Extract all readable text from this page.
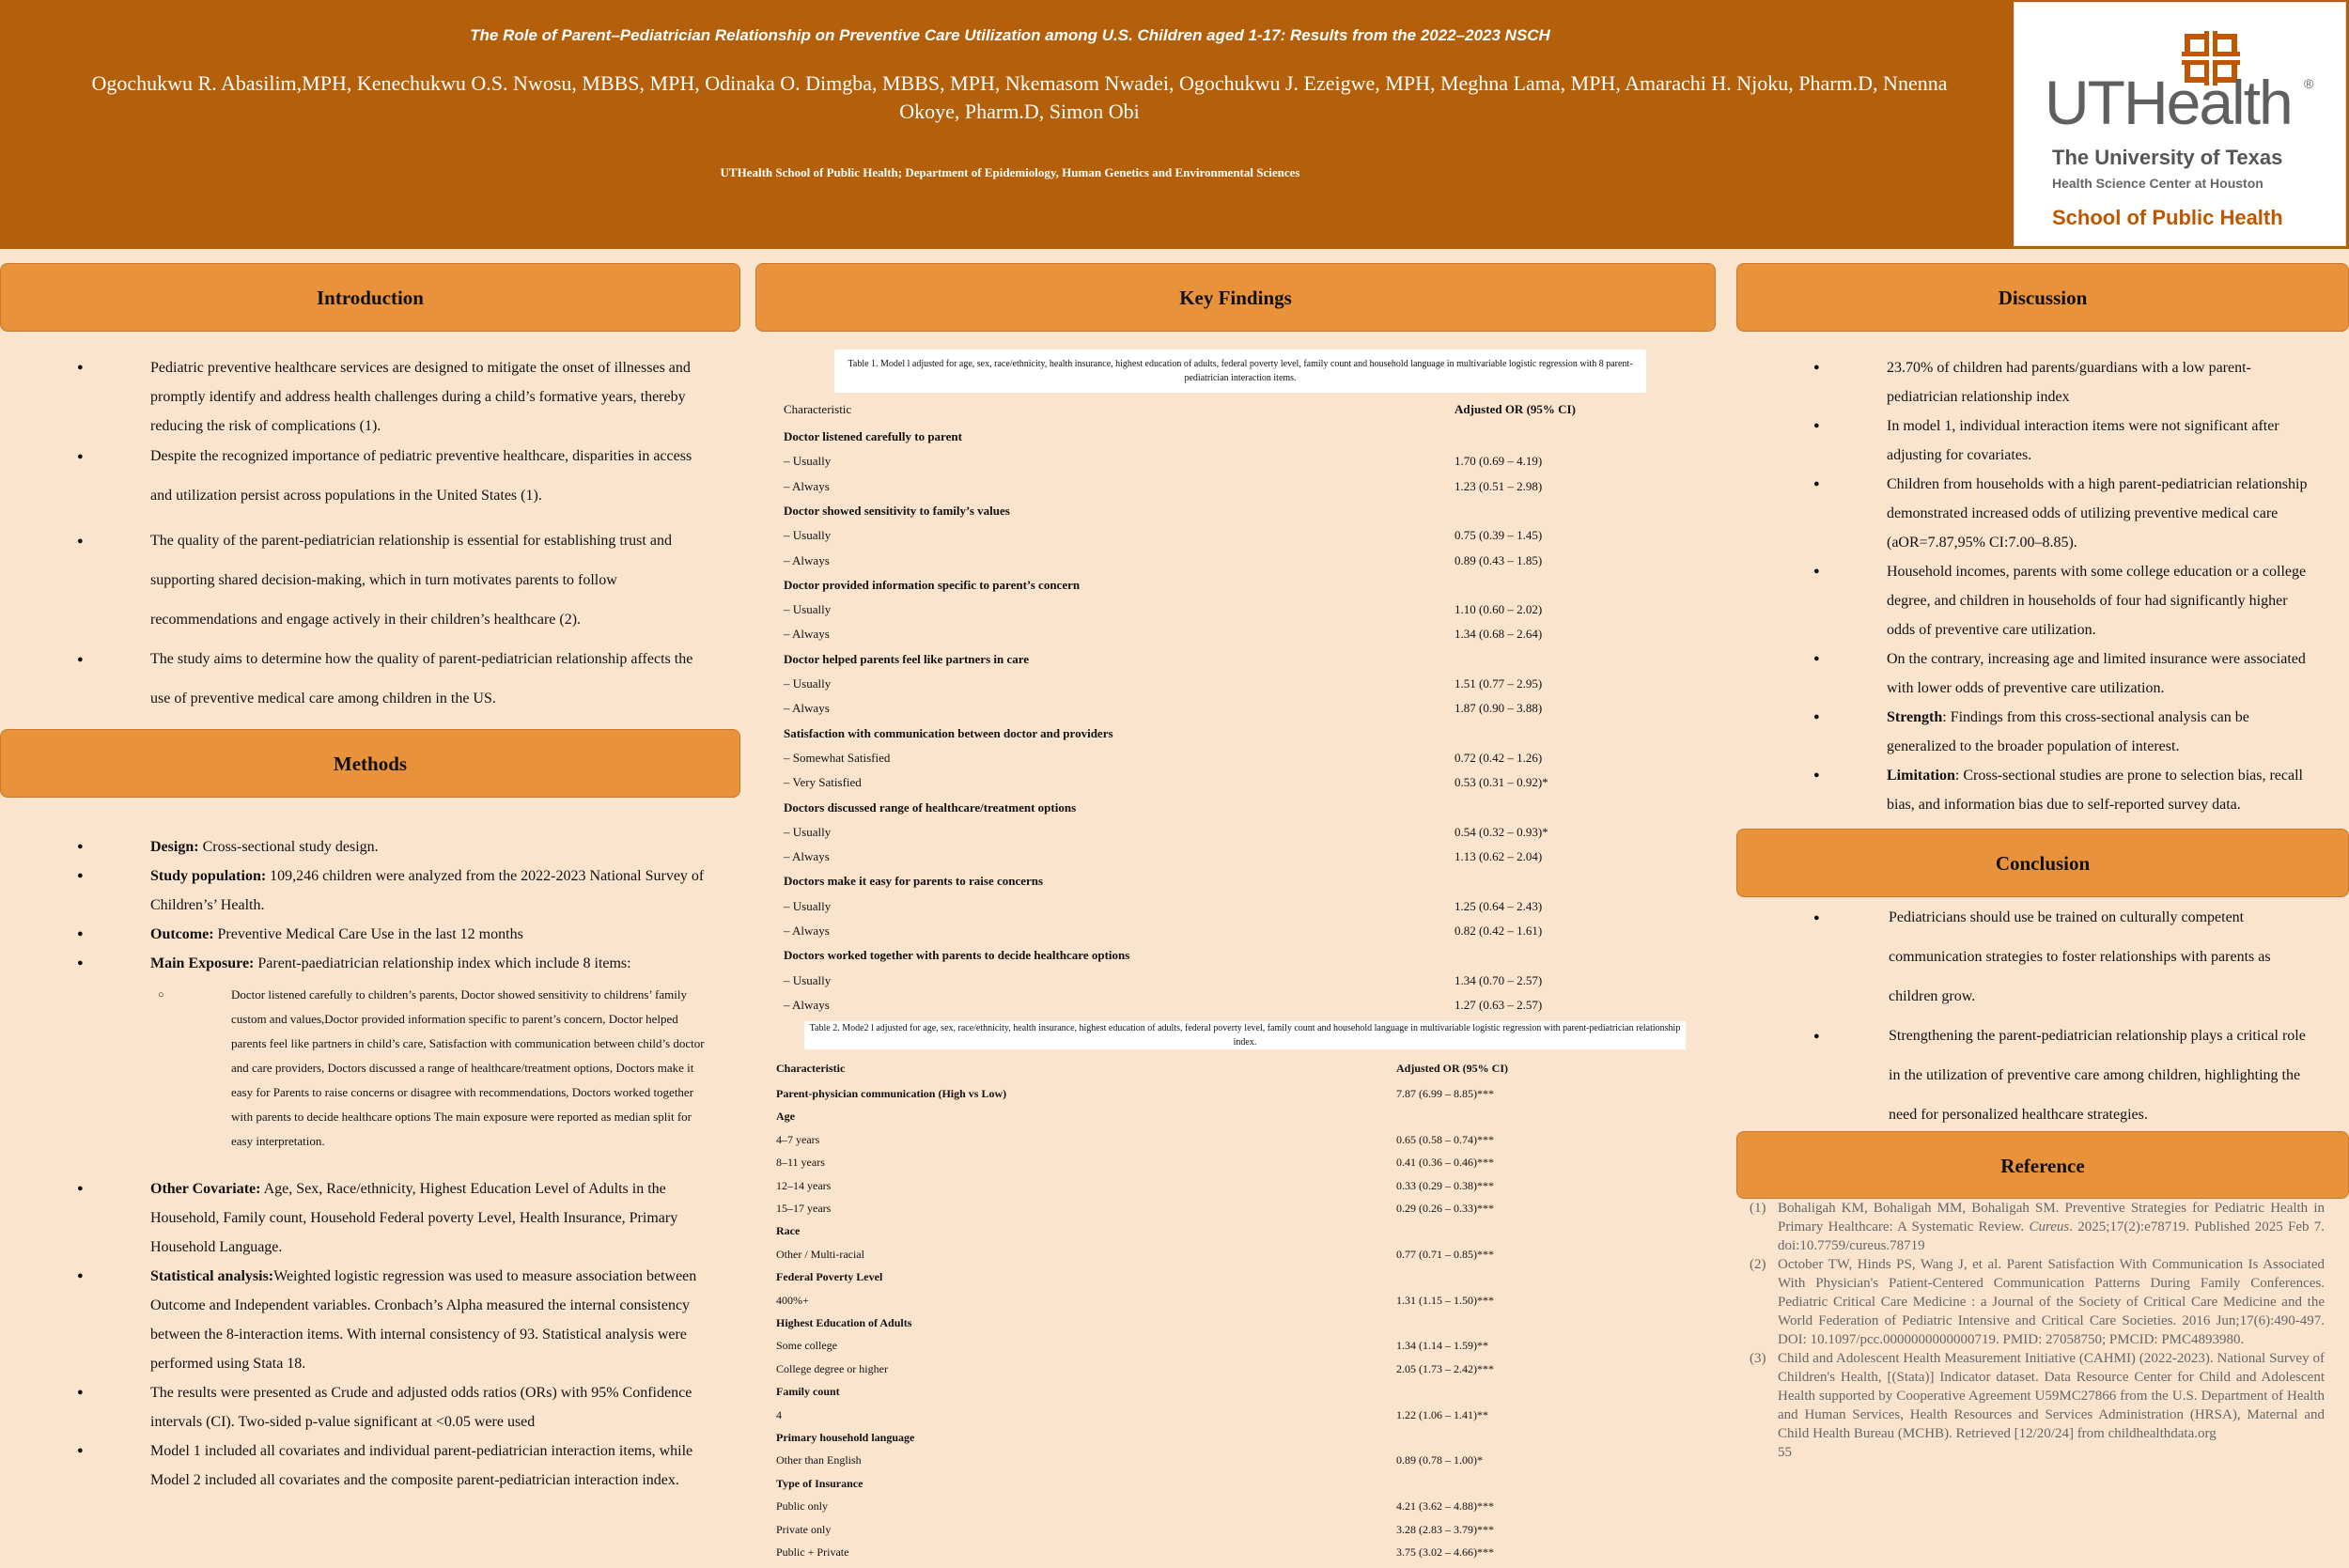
The Role of Parent–Pediatrician Relationship on Preventive Care Utilization among U.S. Children aged 1-17: Results from the 2022–2023 NSCH
Ogochukwu R. Abasilim,MPH, Kenechukwu O.S. Nwosu, MBBS, MPH, Odinaka O. Dimgba, MBBS, MPH, Nkemasom Nwadei, Ogochukwu J. Ezeigwe, MPH, Meghna Lama, MPH, Amarachi H. Njoku, Pharm.D, Nnenna Okoye, Pharm.D, Simon Obi
UTHealth School of Public Health; Department of Epidemiology, Human Genetics and Environmental Sciences
UTHealth ®
The University of Texas
Health Science Center at Houston
School of Public Health
Introduction
● Pediatric preventive healthcare services are designed to mitigate the onset of illnesses and promptly identify and address health challenges during a child’s formative years, thereby reducing the risk of complications (1).
● Despite the recognized importance of pediatric preventive healthcare, disparities in access and utilization persist across populations in the United States (1).
● The quality of the parent-pediatrician relationship is essential for establishing trust and supporting shared decision-making, which in turn motivates parents to follow recommendations and engage actively in their children’s healthcare (2).
● The study aims to determine how the quality of parent-pediatrician relationship affects the use of preventive medical care among children in the US.
Methods
● Design: Cross-sectional study design.
● Study population: 109,246 children were analyzed from the 2022-2023 National Survey of Children’s’ Health.
● Outcome: Preventive Medical Care Use in the last 12 months
● Main Exposure: Parent-paediatrician relationship index which include 8 items:
○ Doctor listened carefully to children’s parents, Doctor showed sensitivity to childrens’ family custom and values,Doctor provided information specific to parent’s concern, Doctor helped parents feel like partners in child’s care, Satisfaction with communication between child’s doctor and care providers, Doctors discussed a range of healthcare/treatment options, Doctors make it easy for Parents to raise concerns or disagree with recommendations, Doctors worked together with parents to decide healthcare options The main exposure were reported as median split for easy interpretation.
● Other Covariate: Age, Sex, Race/ethnicity, Highest Education Level of Adults in the Household, Family count, Household Federal poverty Level, Health Insurance, Primary Household Language.
● Statistical analysis:Weighted logistic regression was used to measure association between Outcome and Independent variables. Cronbach’s Alpha measured the internal consistency between the 8-interaction items. With internal consistency of 93. Statistical analysis were performed using Stata 18.
● The results were presented as Crude and adjusted odds ratios (ORs) with 95% Confidence intervals (CI). Two-sided p-value significant at <0.05 were used
● Model 1 included all covariates and individual parent-pediatrician interaction items, while Model 2 included all covariates and the composite parent-pediatrician interaction index.
Key Findings
Table 1. Model l adjusted for age, sex, race/ethnicity, health insurance, highest education of adults, federal poverty level, family count and household language in multivariable logistic regression with 8 parent-pediatrician interaction items.
Characteristic	Adjusted OR (95% CI)
Doctor listened carefully to parent
– Usually	1.70 (0.69 – 4.19)
– Always	1.23 (0.51 – 2.98)
Doctor showed sensitivity to family’s values
– Usually	0.75 (0.39 – 1.45)
– Always	0.89 (0.43 – 1.85)
Doctor provided information specific to parent’s concern
– Usually	1.10 (0.60 – 2.02)
– Always	1.34 (0.68 – 2.64)
Doctor helped parents feel like partners in care
– Usually	1.51 (0.77 – 2.95)
– Always	1.87 (0.90 – 3.88)
Satisfaction with communication between doctor and providers
– Somewhat Satisfied	0.72 (0.42 – 1.26)
– Very Satisfied	0.53 (0.31 – 0.92)*
Doctors discussed range of healthcare/treatment options
– Usually	0.54 (0.32 – 0.93)*
– Always	1.13 (0.62 – 2.04)
Doctors make it easy for parents to raise concerns
– Usually	1.25 (0.64 – 2.43)
– Always	0.82 (0.42 – 1.61)
Doctors worked together with parents to decide healthcare options
– Usually	1.34 (0.70 – 2.57)
– Always	1.27 (0.63 – 2.57)
Table 2. Mode2 l adjusted for age, sex, race/ethnicity, health insurance, highest education of adults, federal poverty level, family count and household language in multivariable logistic regression with parent-pediatrician relationship index.
Characteristic	Adjusted OR (95% CI)
Parent-physician communication (High vs Low)	7.87 (6.99 – 8.85)***
Age
4–7 years	0.65 (0.58 – 0.74)***
8–11 years	0.41 (0.36 – 0.46)***
12–14 years	0.33 (0.29 – 0.38)***
15–17 years	0.29 (0.26 – 0.33)***
Race
Other / Multi-racial	0.77 (0.71 – 0.85)***
Federal Poverty Level
400%+	1.31 (1.15 – 1.50)***
Highest Education of Adults
Some college	1.34 (1.14 – 1.59)**
College degree or higher	2.05 (1.73 – 2.42)***
Family count
4	1.22 (1.06 – 1.41)**
Primary household language
Other than English	0.89 (0.78 – 1.00)*
Type of Insurance
Public only	4.21 (3.62 – 4.88)***
Private only	3.28 (2.83 – 3.79)***
Public + Private	3.75 (3.02 – 4.66)***
Discussion
● 23.70% of children had parents/guardians with a low parent-pediatrician relationship index
● In model 1, individual interaction items were not significant after adjusting for covariates.
● Children from households with a high parent-pediatrician relationship demonstrated increased odds of utilizing preventive medical care (aOR=7.87,95% CI:7.00–8.85).
● Household incomes, parents with some college education or a college degree, and children in households of four had significantly higher odds of preventive care utilization.
● On the contrary, increasing age and limited insurance were associated with lower odds of preventive care utilization.
● Strength: Findings from this cross-sectional analysis can be generalized to the broader population of interest.
● Limitation: Cross-sectional studies are prone to selection bias, recall bias, and information bias due to self-reported survey data.
Conclusion
● Pediatricians should use be trained on culturally competent communication strategies to foster relationships with parents as children grow.
● Strengthening the parent-pediatrician relationship plays a critical role in the utilization of preventive care among children, highlighting the need for personalized healthcare strategies.
Reference
(1) Bohaligah KM, Bohaligah MM, Bohaligah SM. Preventive Strategies for Pediatric Health in Primary Healthcare: A Systematic Review. Cureus. 2025;17(2):e78719. Published 2025 Feb 7. doi:10.7759/cureus.78719
(2) October TW, Hinds PS, Wang J, et al. Parent Satisfaction With Communication Is Associated With Physician's Patient-Centered Communication Patterns During Family Conferences. Pediatric Critical Care Medicine : a Journal of the Society of Critical Care Medicine and the World Federation of Pediatric Intensive and Critical Care Societies. 2016 Jun;17(6):490-497. DOI: 10.1097/pcc.0000000000000719. PMID: 27058750; PMCID: PMC4893980.
(3) Child and Adolescent Health Measurement Initiative (CAHMI) (2022-2023). National Survey of Children's Health, [(Stata)] Indicator dataset. Data Resource Center for Child and Adolescent Health supported by Cooperative Agreement U59MC27866 from the U.S. Department of Health and Human Services, Health Resources and Services Administration (HRSA), Maternal and Child Health Bureau (MCHB). Retrieved [12/20/24] from childhealthdata.org
55
